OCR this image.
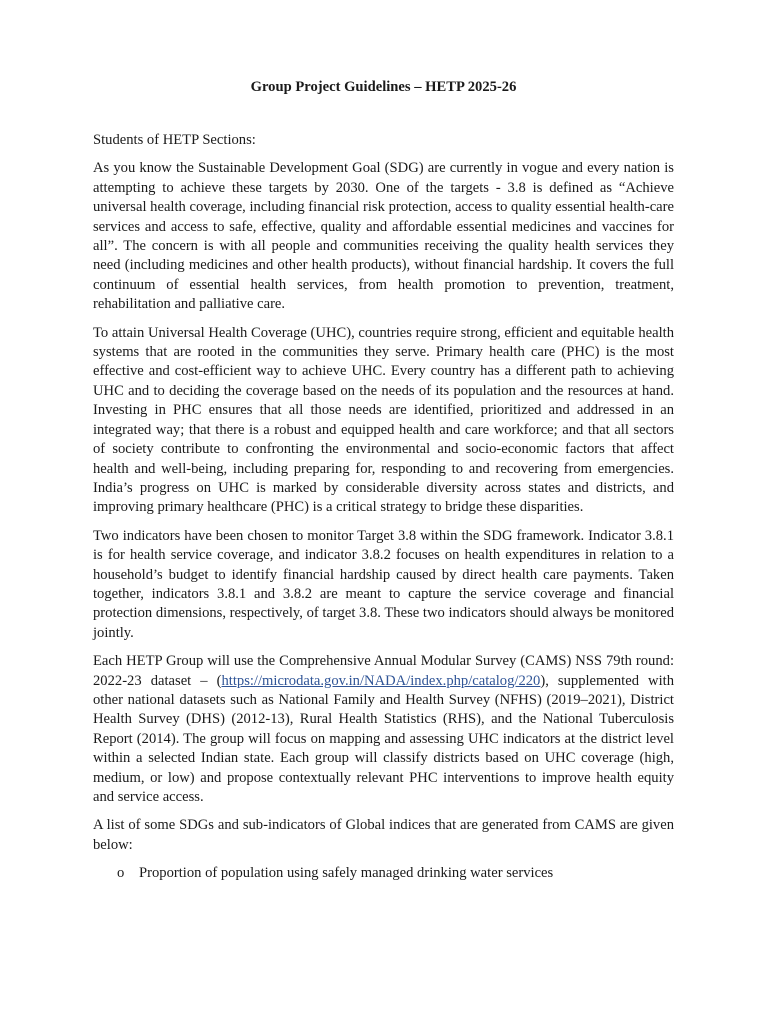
Group Project Guidelines – HETP 2025-26
Students of HETP Sections:

As you know the Sustainable Development Goal (SDG) are currently in vogue and every nation is attempting to achieve these targets by 2030. One of the targets - 3.8 is defined as “Achieve universal health coverage, including financial risk protection, access to quality essential health-care services and access to safe, effective, quality and affordable essential medicines and vaccines for all”. The concern is with all people and communities receiving the quality health services they need (including medicines and other health products), without financial hardship. It covers the full continuum of essential health services, from health promotion to prevention, treatment, rehabilitation and palliative care.

To attain Universal Health Coverage (UHC), countries require strong, efficient and equitable health systems that are rooted in the communities they serve. Primary health care (PHC) is the most effective and cost-efficient way to achieve UHC. Every country has a different path to achieving UHC and to deciding the coverage based on the needs of its population and the resources at hand. Investing in PHC ensures that all those needs are identified, prioritized and addressed in an integrated way; that there is a robust and equipped health and care workforce; and that all sectors of society contribute to confronting the environmental and socio-economic factors that affect health and well-being, including preparing for, responding to and recovering from emergencies. India’s progress on UHC is marked by considerable diversity across states and districts, and improving primary healthcare (PHC) is a critical strategy to bridge these disparities.

Two indicators have been chosen to monitor Target 3.8 within the SDG framework. Indicator 3.8.1 is for health service coverage, and indicator 3.8.2 focuses on health expenditures in relation to a household’s budget to identify financial hardship caused by direct health care payments. Taken together, indicators 3.8.1 and 3.8.2 are meant to capture the service coverage and financial protection dimensions, respectively, of target 3.8. These two indicators should always be monitored jointly.

Each HETP Group will use the Comprehensive Annual Modular Survey (CAMS) NSS 79th round: 2022-23 dataset – (https://microdata.gov.in/NADA/index.php/catalog/220), supplemented with other national datasets such as National Family and Health Survey (NFHS) (2019–2021), District Health Survey (DHS) (2012-13), Rural Health Statistics (RHS), and the National Tuberculosis Report (2014). The group will focus on mapping and assessing UHC indicators at the district level within a selected Indian state. Each group will classify districts based on UHC coverage (high, medium, or low) and propose contextually relevant PHC interventions to improve health equity and service access.

A list of some SDGs and sub-indicators of Global indices that are generated from CAMS are given below:

o Proportion of population using safely managed drinking water services
